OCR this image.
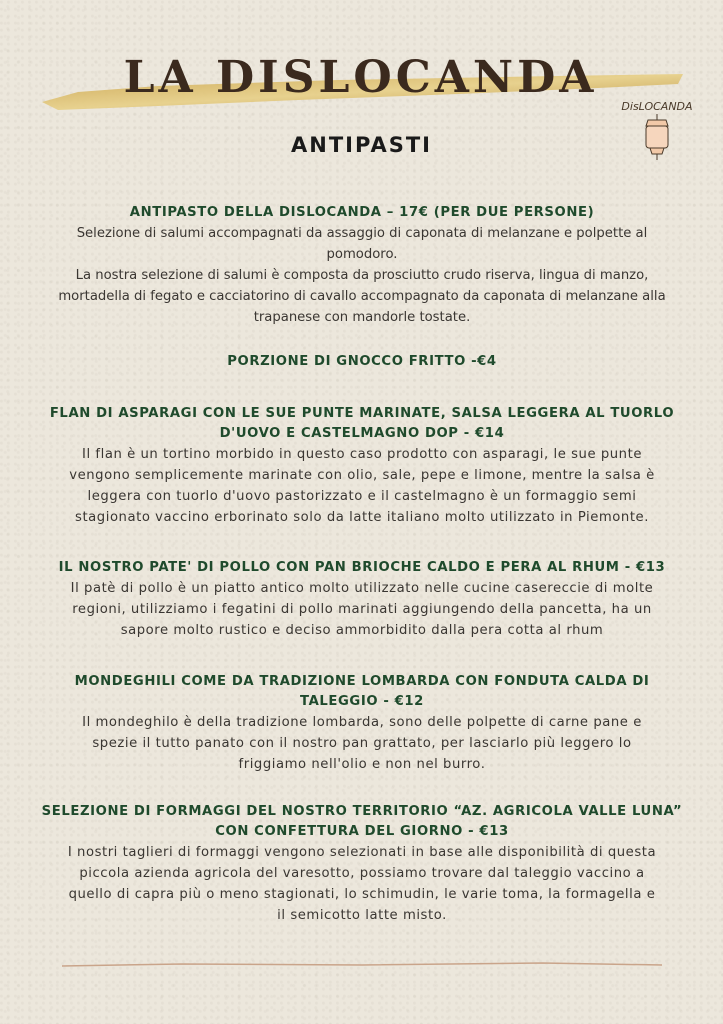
LA DISLOCANDA
DisLOCANDA
ANTIPASTI
ANTIPASTO DELLA DISLOCANDA – 17€ (PER DUE PERSONE)
Selezione di salumi accompagnati da assaggio di caponata di melanzane e polpette al
pomodoro.
La nostra selezione di salumi è composta da prosciutto crudo riserva, lingua di manzo,
mortadella di fegato e cacciatorino di cavallo accompagnato da caponata di melanzane alla
trapanese con mandorle tostate.
PORZIONE DI GNOCCO FRITTO -€4
FLAN DI ASPARAGI CON LE SUE PUNTE MARINATE, SALSA LEGGERA AL TUORLO D'UOVO E CASTELMAGNO DOP - €14
Il flan è un tortino morbido in questo caso prodotto con asparagi, le sue punte
vengono semplicemente marinate con olio, sale, pepe e limone, mentre la salsa è
leggera con tuorlo d'uovo pastorizzato e il castelmagno è un formaggio semi
stagionato vaccino erborinato solo da latte italiano molto utilizzato in Piemonte.
IL NOSTRO PATE' DI POLLO CON PAN BRIOCHE CALDO E PERA AL RHUM - €13
Il patè di pollo è un piatto antico molto utilizzato nelle cucine casereccie di molte
regioni, utilizziamo i fegatini di pollo marinati aggiungendo della pancetta, ha un
sapore molto rustico e deciso ammorbidito dalla pera cotta al rhum
MONDEGHILI COME DA TRADIZIONE LOMBARDA CON FONDUTA CALDA DI TALEGGIO - €12
Il mondeghilo è della tradizione lombarda, sono delle polpette di carne pane e
spezie il tutto panato con il nostro pan grattato, per lasciarlo più leggero lo
friggiamo nell'olio e non nel burro.
SELEZIONE DI FORMAGGI DEL NOSTRO TERRITORIO “AZ. AGRICOLA VALLE LUNA” CON CONFETTURA DEL GIORNO - €13
I nostri taglieri di formaggi vengono selezionati in base alle disponibilità di questa
piccola azienda agricola del varesotto, possiamo trovare dal taleggio vaccino a
quello di capra più o meno stagionati, lo schimudin, le varie toma, la formagella e
il semicotto latte misto.
